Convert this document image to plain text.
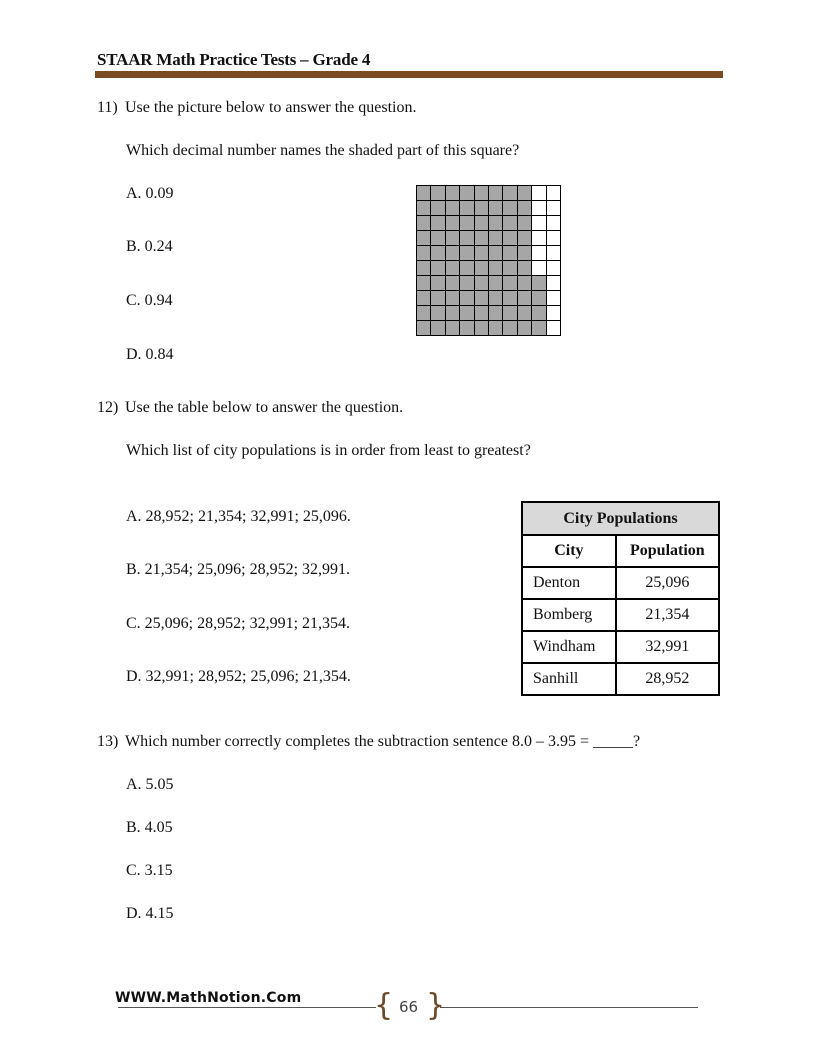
STAAR Math Practice Tests – Grade 4
11) Use the picture below to answer the question.
Which decimal number names the shaded part of this square?
A. 0.09
B. 0.24
C. 0.94
D. 0.84
12) Use the table below to answer the question.
Which list of city populations is in order from least to greatest?
A. 28,952; 21,354; 32,991; 25,096.
B. 21,354; 25,096; 28,952; 32,991.
C. 25,096; 28,952; 32,991; 21,354.
D. 32,991; 28,952; 25,096; 21,354.
City Populations	
City	Population
Denton	25,096
Bomberg	21,354
Windham	32,991
Sanhill	28,952
13) Which number correctly completes the subtraction sentence 8.0 – 3.95 = _____?
A. 5.05
B. 4.05
C. 3.15
D. 4.15
WWW.MathNotion.Com { }
66
